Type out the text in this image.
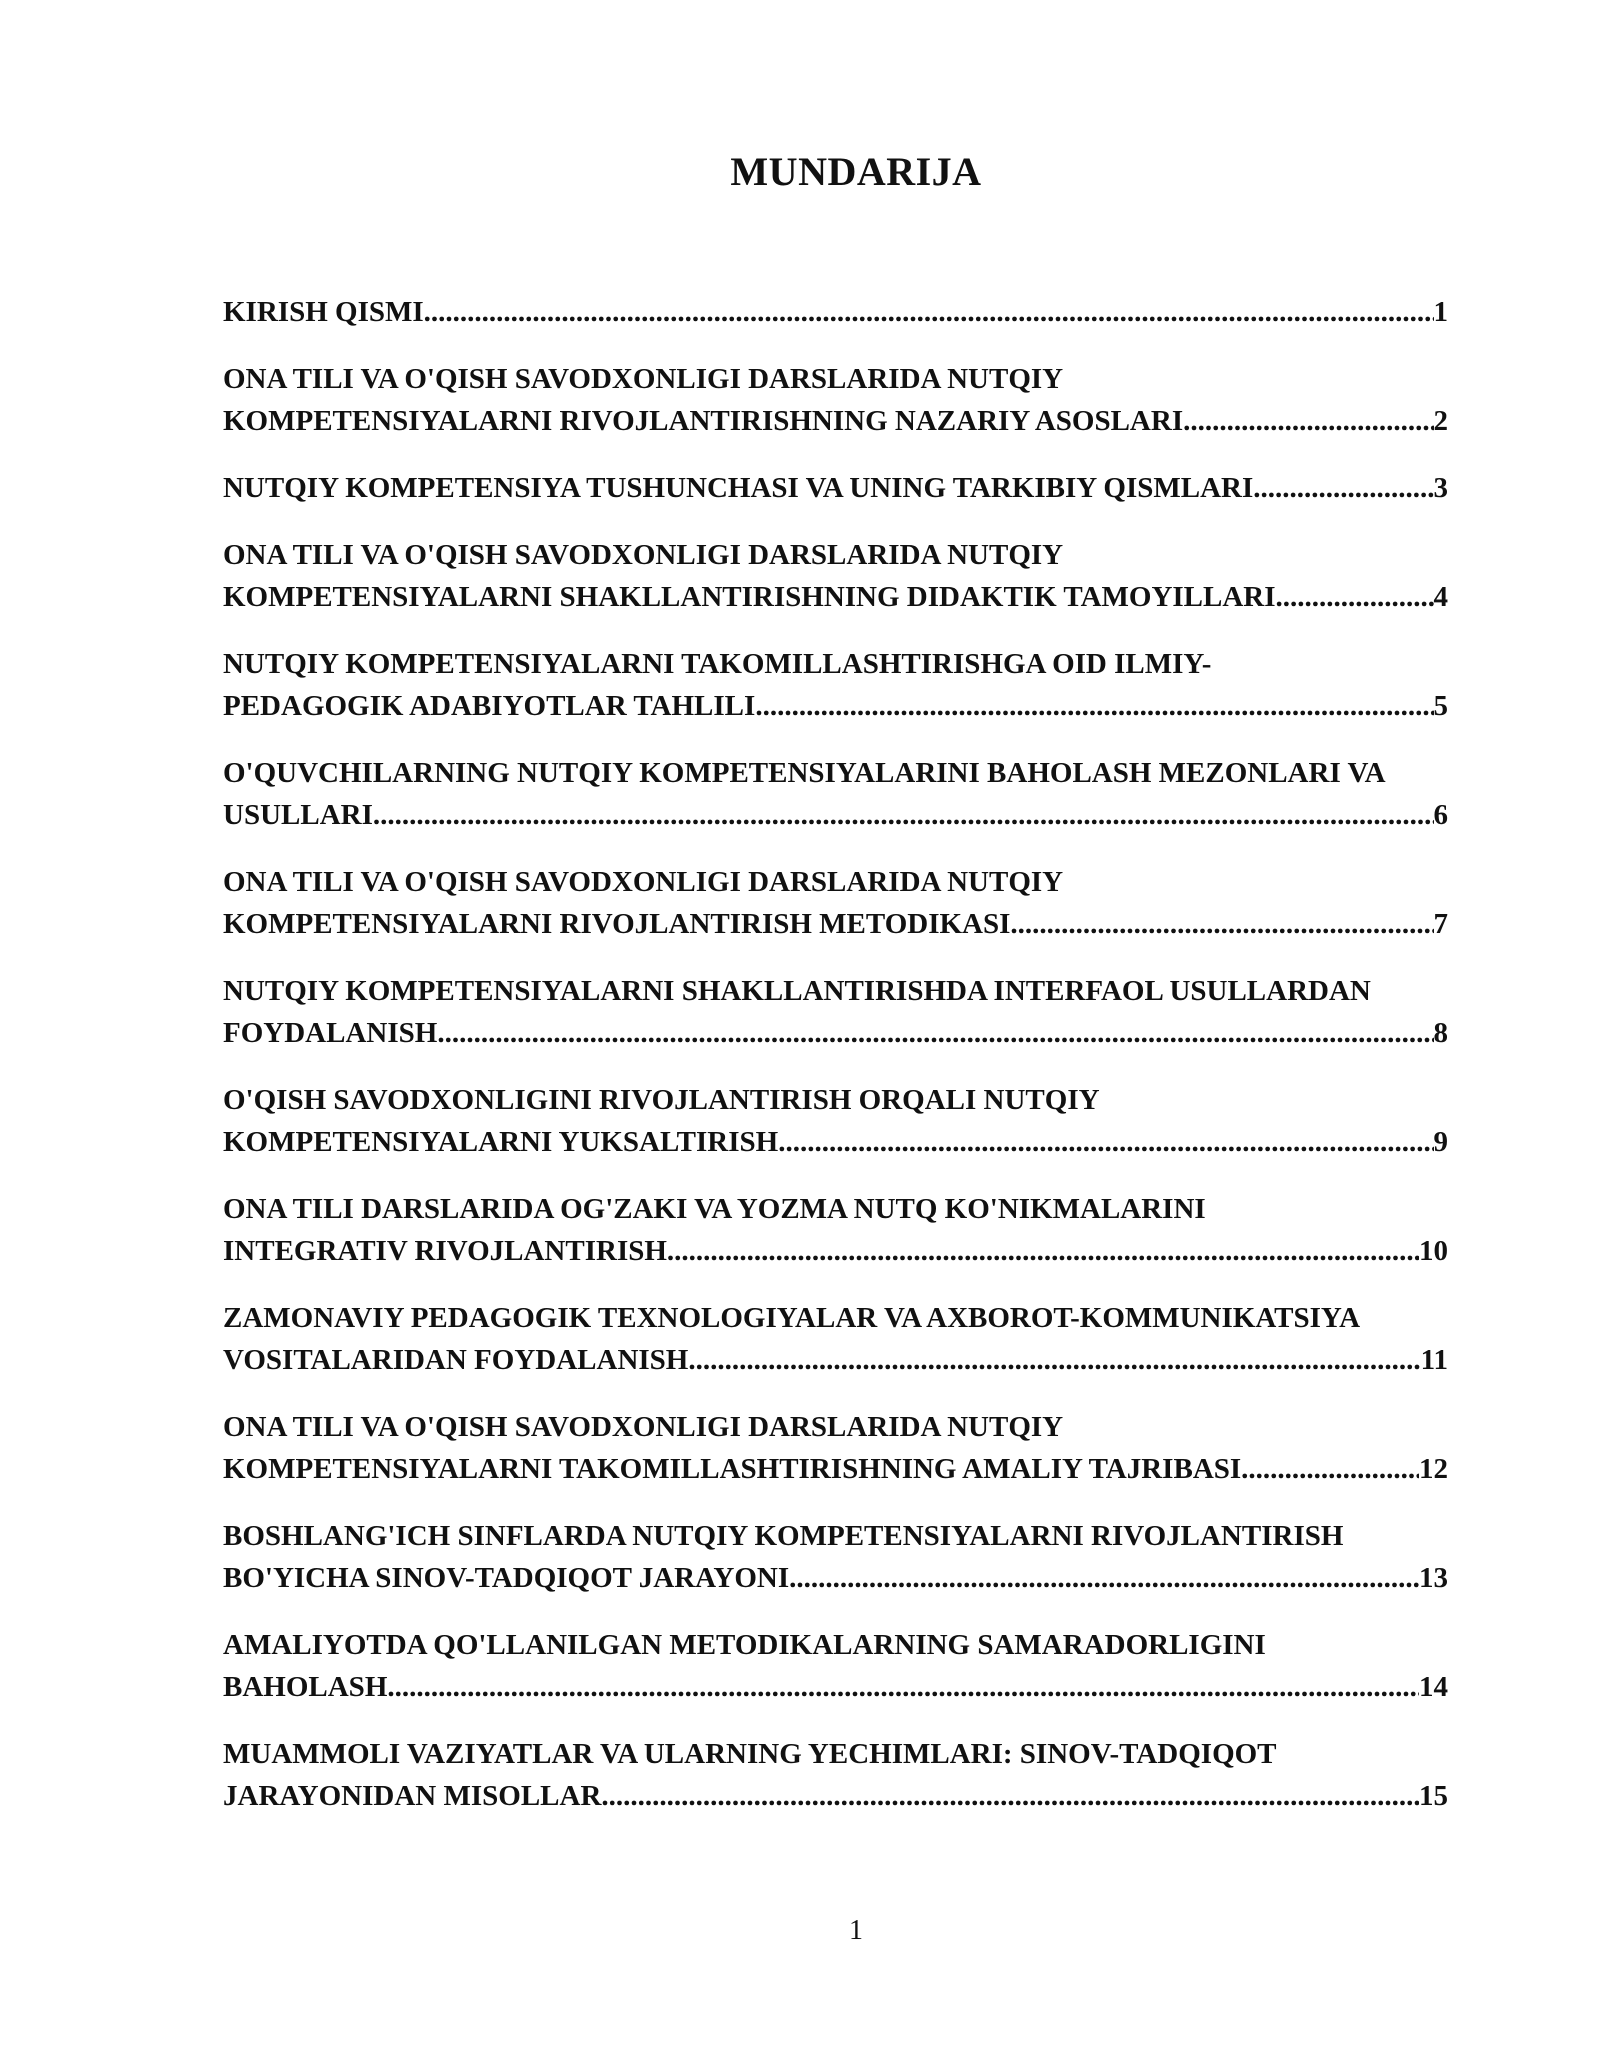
MUNDARIJA
KIRISH QISMI .....	1
ONA TILI VA O'QISH SAVODXONLIGI DARSLARIDA NUTQIY
KOMPETENSIYALARNI RIVOJLANTIRISHNING NAZARIY ASOSLARI .....	2
NUTQIY KOMPETENSIYA TUSHUNCHASI VA UNING TARKIBIY QISMLARI .....	3
ONA TILI VA O'QISH SAVODXONLIGI DARSLARIDA NUTQIY
KOMPETENSIYALARNI SHAKLLANTIRISHNING DIDAKTIK TAMOYILLARI .....	4
NUTQIY KOMPETENSIYALARNI TAKOMILLASHTIRISHGA OID ILMIY-
PEDAGOGIK ADABIYOTLAR TAHLILI .....	5
O'QUVCHILARNING NUTQIY KOMPETENSIYALARINI BAHOLASH MEZONLARI VA
USULLARI .....	6
ONA TILI VA O'QISH SAVODXONLIGI DARSLARIDA NUTQIY
KOMPETENSIYALARNI RIVOJLANTIRISH METODIKASI .....	7
NUTQIY KOMPETENSIYALARNI SHAKLLANTIRISHDA INTERFAOL USULLARDAN
FOYDALANISH .....	8
O'QISH SAVODXONLIGINI RIVOJLANTIRISH ORQALI NUTQIY
KOMPETENSIYALARNI YUKSALTIRISH .....	9
ONA TILI DARSLARIDA OG'ZAKI VA YOZMA NUTQ KO'NIKMALARINI
INTEGRATIV RIVOJLANTIRISH .....	10
ZAMONAVIY PEDAGOGIK TEXNOLOGIYALAR VA AXBOROT-KOMMUNIKATSIYA
VOSITALARIDAN FOYDALANISH .....	11
ONA TILI VA O'QISH SAVODXONLIGI DARSLARIDA NUTQIY
KOMPETENSIYALARNI TAKOMILLASHTIRISHNING AMALIY TAJRIBASI .....	12
BOSHLANG'ICH SINFLARDA NUTQIY KOMPETENSIYALARNI RIVOJLANTIRISH
BO'YICHA SINOV-TADQIQOT JARAYONI .....	13
AMALIYOTDA QO'LLANILGAN METODIKALARNING SAMARADORLIGINI
BAHOLASH .....	14
MUAMMOLI VAZIYATLAR VA ULARNING YECHIMLARI: SINOV-TADQIQOT
JARAYONIDAN MISOLLAR .....	15
1
